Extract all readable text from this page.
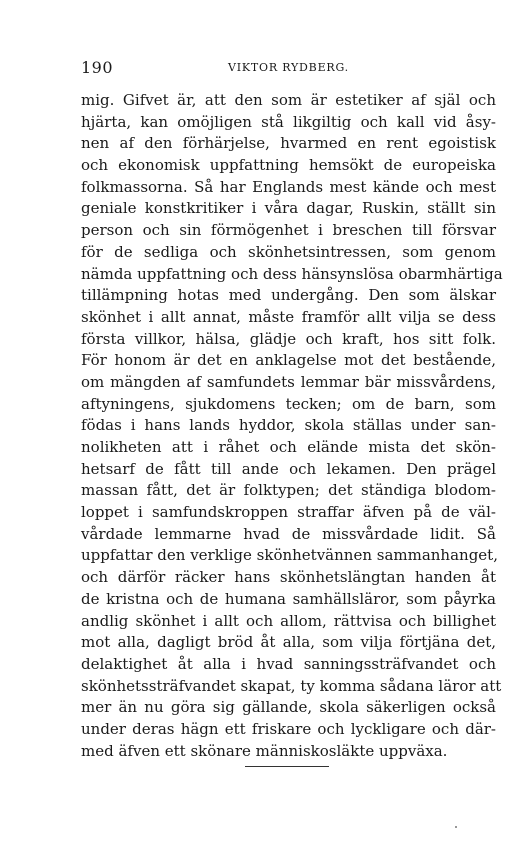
190	VIKTOR RYDBERG.
mig. Gifvet är, att den som är estetiker af själ och
hjärta, kan omöjligen stå likgiltig och kall vid åsy-
nen af den förhärjelse, hvarmed en rent egoistisk
och ekonomisk uppfattning hemsökt de europeiska
folkmassorna. Så har Englands mest kände och mest
geniale konstkritiker i våra dagar, Ruskin, ställt sin
person och sin förmögenhet i breschen till försvar
för de sedliga och skönhetsintressen, som genom
nämda uppfattning och dess hänsynslösa obarmhärtiga
tillämpning hotas med undergång. Den som älskar
skönhet i allt annat, måste framför allt vilja se dess
första villkor, hälsa, glädje och kraft, hos sitt folk.
För honom är det en anklagelse mot det bestående,
om mängden af samfundets lemmar bär missvårdens,
aftyningens, sjukdomens tecken; om de barn, som
födas i hans lands hyddor, skola ställas under san-
nolikheten att i råhet och elände mista det skön-
hetsarf de fått till ande och lekamen. Den prägel
massan fått, det är folktypen; det ständiga blodom-
loppet i samfundskroppen straffar äfven på de väl-
vårdade lemmarne hvad de missvårdade lidit. Så
uppfattar den verklige skönhetvännen sammanhanget,
och därför räcker hans skönhetslängtan handen åt
de kristna och de humana samhällsläror, som påyrka
andlig skönhet i allt och allom, rättvisa och billighet
mot alla, dagligt bröd åt alla, som vilja förtjäna det,
delaktighet åt alla i hvad sanningssträfvandet och
skönhetssträfvandet skapat, ty komma sådana läror att
mer än nu göra sig gällande, skola säkerligen också
under deras hägn ett friskare och lyckligare och där-
med äfven ett skönare människosläkte uppväxa.
